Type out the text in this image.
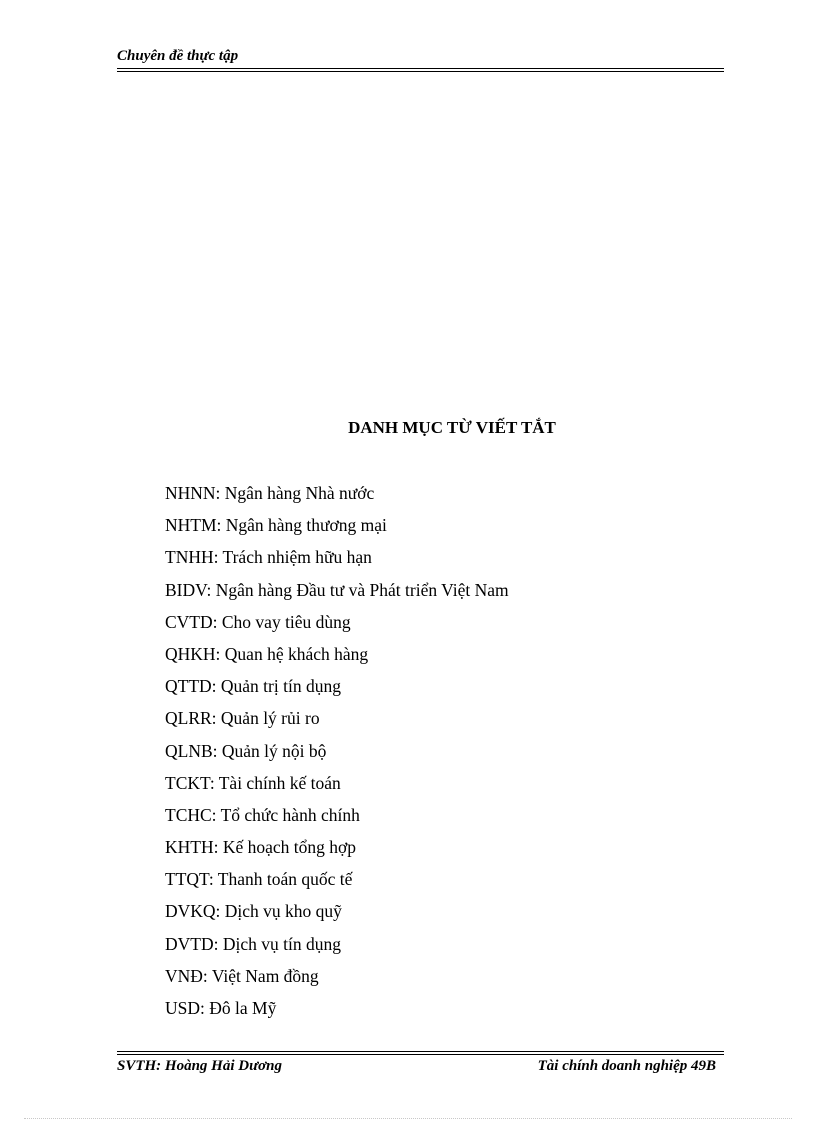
Chuyên đề thực tập
DANH MỤC TỪ VIẾT TẮT
NHNN: Ngân hàng Nhà nước
NHTM: Ngân hàng thương mại
TNHH: Trách nhiệm hữu hạn
BIDV: Ngân hàng Đầu tư và Phát triển Việt Nam
CVTD: Cho vay tiêu dùng
QHKH: Quan hệ khách hàng
QTTD: Quản trị tín dụng
QLRR: Quản lý rủi ro
QLNB: Quản lý nội bộ
TCKT: Tài chính kế toán
TCHC: Tổ chức hành chính
KHTH: Kế hoạch tổng hợp
TTQT: Thanh toán quốc tế
DVKQ: Dịch vụ kho quỹ
DVTD: Dịch vụ tín dụng
VNĐ: Việt Nam đồng
USD: Đô la Mỹ
SVTH: Hoàng Hải Dương	Tài chính doanh nghiệp 49B
